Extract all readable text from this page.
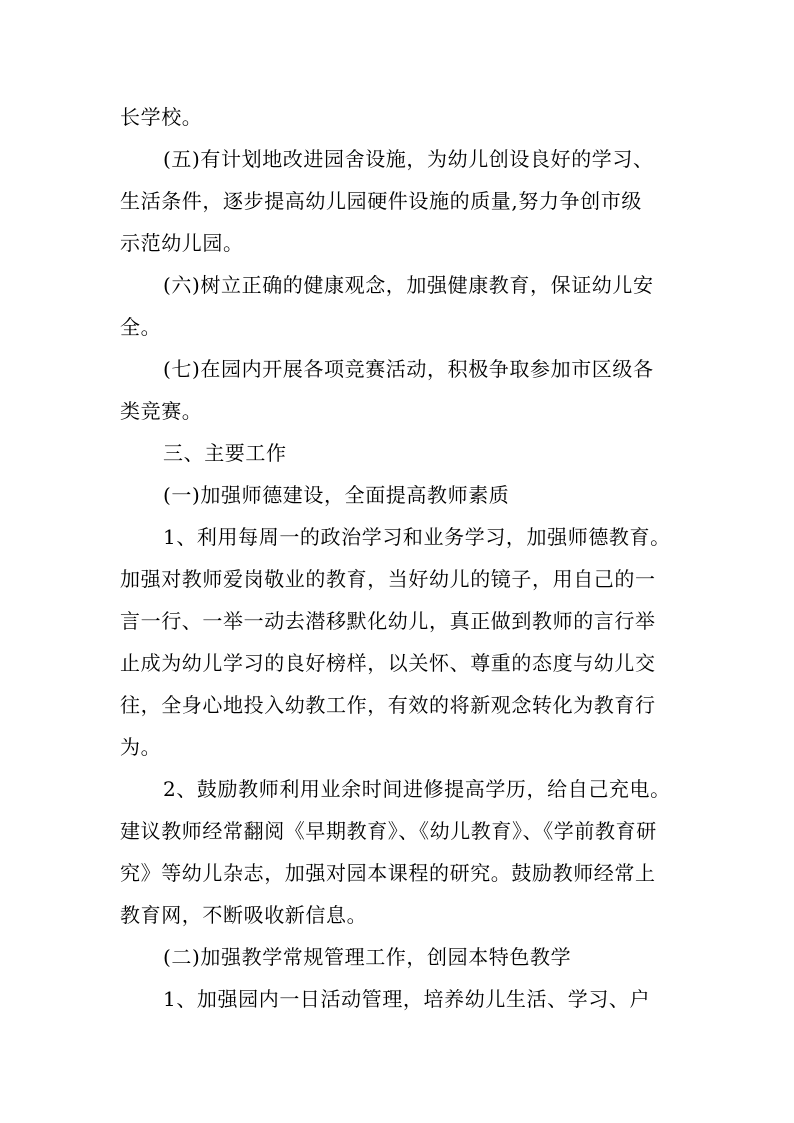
长学校。
(五)有计划地改进园舍设施，为幼儿创设良好的学习、
生活条件，逐步提高幼儿园硬件设施的质量,努力争创市级
示范幼儿园。
(六)树立正确的健康观念，加强健康教育，保证幼儿安
全。
(七)在园内开展各项竞赛活动，积极争取参加市区级各
类竞赛。
三、主要工作
(一)加强师德建设，全面提高教师素质
1、利用每周一的政治学习和业务学习，加强师德教育。
加强对教师爱岗敬业的教育，当好幼儿的镜子，用自己的一
言一行、一举一动去潜移默化幼儿，真正做到教师的言行举
止成为幼儿学习的良好榜样，以关怀、尊重的态度与幼儿交
往，全身心地投入幼教工作，有效的将新观念转化为教育行
为。
2、鼓励教师利用业余时间进修提高学历，给自己充电。
建议教师经常翻阅《早期教育》、《幼儿教育》、《学前教育研
究》等幼儿杂志，加强对园本课程的研究。鼓励教师经常上
教育网，不断吸收新信息。
(二)加强教学常规管理工作，创园本特色教学
1、加强园内一日活动管理，培养幼儿生活、学习、户
